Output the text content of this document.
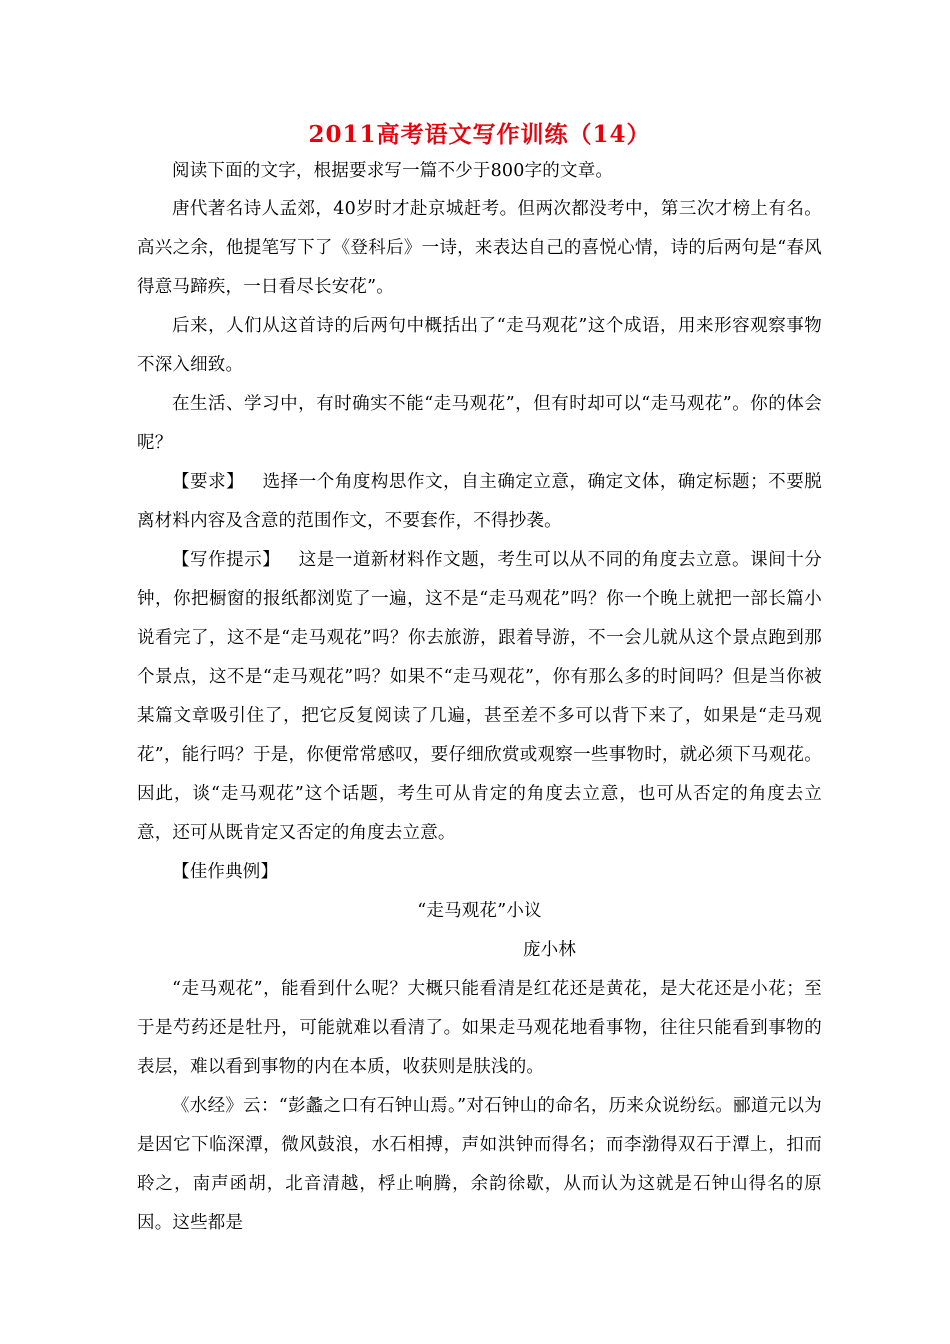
2011高考语文写作训练（14）

阅读下面的文字，根据要求写一篇不少于800字的文章。

唐代著名诗人孟郊，40岁时才赴京城赶考。但两次都没考中，第三次才榜上有名。高兴之余，他提笔写下了《登科后》一诗，来表达自己的喜悦心情，诗的后两句是“春风得意马蹄疾，一日看尽长安花”。

后来，人们从这首诗的后两句中概括出了“走马观花”这个成语，用来形容观察事物不深入细致。

在生活、学习中，有时确实不能“走马观花”，但有时却可以“走马观花”。你的体会呢？

【要求】 选择一个角度构思作文，自主确定立意，确定文体，确定标题；不要脱离材料内容及含意的范围作文，不要套作，不得抄袭。

【写作提示】 这是一道新材料作文题，考生可以从不同的角度去立意。课间十分钟，你把橱窗的报纸都浏览了一遍，这不是“走马观花”吗？你一个晚上就把一部长篇小说看完了，这不是“走马观花”吗？你去旅游，跟着导游，不一会儿就从这个景点跑到那个景点，这不是“走马观花”吗？如果不“走马观花”，你有那么多的时间吗？但是当你被某篇文章吸引住了，把它反复阅读了几遍，甚至差不多可以背下来了，如果是“走马观花”，能行吗？于是，你便常常感叹，要仔细欣赏或观察一些事物时，就必须下马观花。因此，谈“走马观花”这个话题，考生可从肯定的角度去立意，也可从否定的角度去立意，还可从既肯定又否定的角度去立意。

【佳作典例】

“走马观花”小议

庞小林

“走马观花”，能看到什么呢？大概只能看清是红花还是黄花，是大花还是小花；至于是芍药还是牡丹，可能就难以看清了。如果走马观花地看事物，往往只能看到事物的表层，难以看到事物的内在本质，收获则是肤浅的。

《水经》云：“彭蠡之口有石钟山焉。”对石钟山的命名，历来众说纷纭。郦道元以为是因它下临深潭，微风鼓浪，水石相搏，声如洪钟而得名；而李渤得双石于潭上，扣而聆之，南声函胡，北音清越，桴止响腾，余韵徐歇，从而认为这就是石钟山得名的原因。这些都是
